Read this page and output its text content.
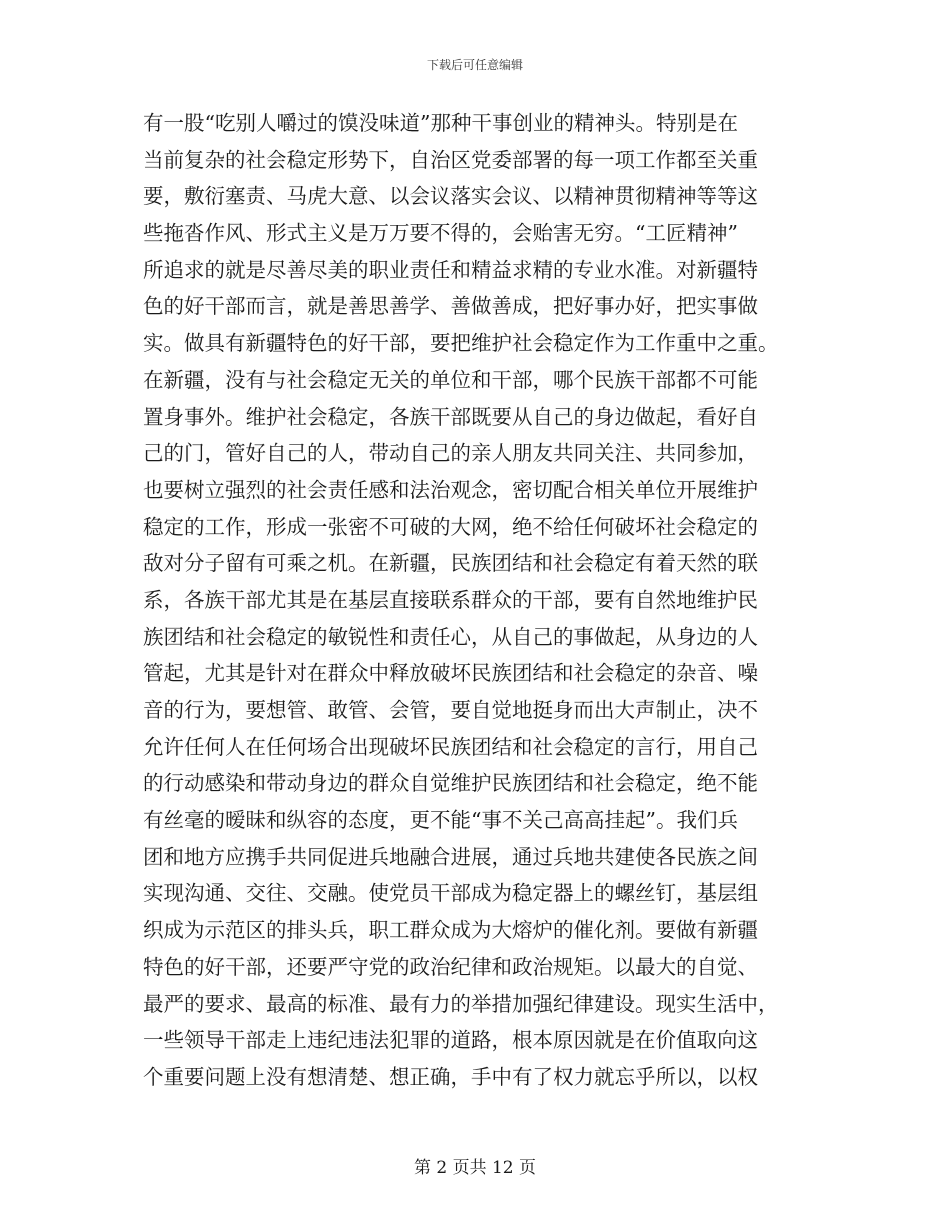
下载后可任意编辑
有一股“吃别人嚼过的馍没味道”那种干事创业的精神头。特别是在
当前复杂的社会稳定形势下，自治区党委部署的每一项工作都至关重
要，敷衍塞责、马虎大意、以会议落实会议、以精神贯彻精神等等这
些拖沓作风、形式主义是万万要不得的，会贻害无穷。“工匠精神”
所追求的就是尽善尽美的职业责任和精益求精的专业水准。对新疆特
色的好干部而言，就是善思善学、善做善成，把好事办好，把实事做
实。做具有新疆特色的好干部，要把维护社会稳定作为工作重中之重。
在新疆，没有与社会稳定无关的单位和干部，哪个民族干部都不可能
置身事外。维护社会稳定，各族干部既要从自己的身边做起，看好自
己的门，管好自己的人，带动自己的亲人朋友共同关注、共同参加，
也要树立强烈的社会责任感和法治观念，密切配合相关单位开展维护
稳定的工作，形成一张密不可破的大网，绝不给任何破坏社会稳定的
敌对分子留有可乘之机。在新疆，民族团结和社会稳定有着天然的联
系，各族干部尤其是在基层直接联系群众的干部，要有自然地维护民
族团结和社会稳定的敏锐性和责任心，从自己的事做起，从身边的人
管起，尤其是针对在群众中释放破坏民族团结和社会稳定的杂音、噪
音的行为，要想管、敢管、会管，要自觉地挺身而出大声制止，决不
允许任何人在任何场合出现破坏民族团结和社会稳定的言行，用自己
的行动感染和带动身边的群众自觉维护民族团结和社会稳定，绝不能
有丝毫的暧昧和纵容的态度，更不能“事不关己高高挂起”。我们兵
团和地方应携手共同促进兵地融合进展，通过兵地共建使各民族之间
实现沟通、交往、交融。使党员干部成为稳定器上的螺丝钉，基层组
织成为示范区的排头兵，职工群众成为大熔炉的催化剂。要做有新疆
特色的好干部，还要严守党的政治纪律和政治规矩。以最大的自觉、
最严的要求、最高的标准、最有力的举措加强纪律建设。现实生活中，
一些领导干部走上违纪违法犯罪的道路，根本原因就是在价值取向这
个重要问题上没有想清楚、想正确，手中有了权力就忘乎所以，以权
第 2 页共 12 页
